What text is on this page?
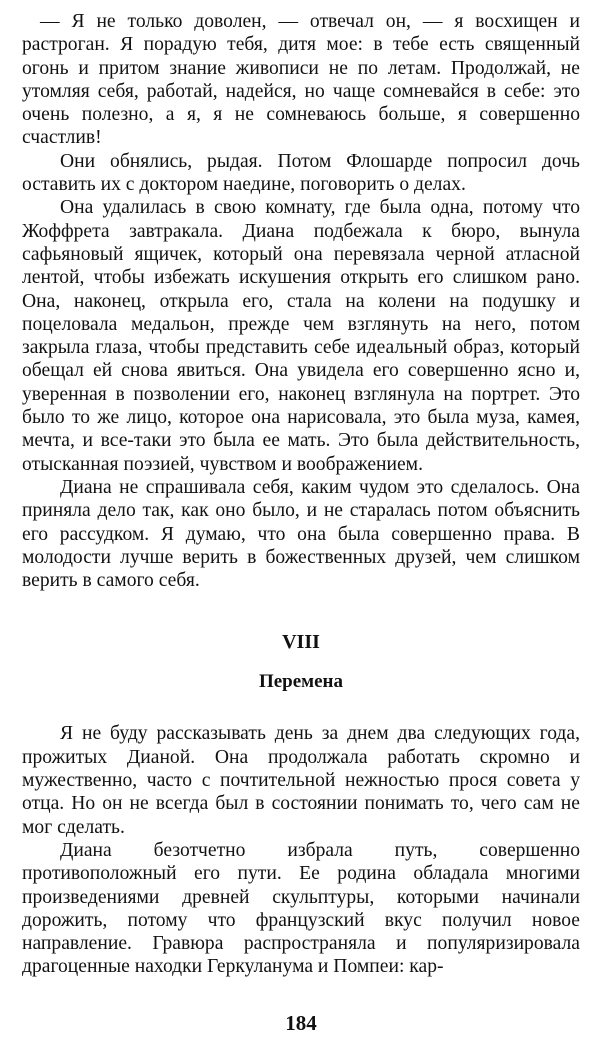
— Я не только доволен, — отвечал он, — я восхищен и растроган. Я порадую тебя, дитя мое: в тебе есть священный огонь и притом знание живописи не по летам. Продолжай, не утомляя себя, работай, надейся, но чаще сомневайся в себе: это очень полезно, а я, я не сомневаюсь больше, я совершенно счастлив!

Они обнялись, рыдая. Потом Флошарде попросил дочь оставить их с доктором наедине, поговорить о делах.

Она удалилась в свою комнату, где была одна, потому что Жоффрета завтракала. Диана подбежала к бюро, вынула сафьяновый ящичек, который она перевязала черной атласной лентой, чтобы избежать искушения открыть его слишком рано. Она, наконец, открыла его, стала на колени на подушку и поцеловала медальон, прежде чем взглянуть на него, потом закрыла глаза, чтобы представить себе идеальный образ, который обещал ей снова явиться. Она увидела его совершенно ясно и, уверенная в позволении его, наконец взглянула на портрет. Это было то же лицо, которое она нарисовала, это была муза, камея, мечта, и все-таки это была ее мать. Это была действительность, отысканная поэзией, чувством и воображением.

Диана не спрашивала себя, каким чудом это сделалось. Она приняла дело так, как оно было, и не старалась потом объяснить его рассудком. Я думаю, что она была совершенно права. В молодости лучше верить в божественных друзей, чем слишком верить в самого себя.

VIII
Перемена

Я не буду рассказывать день за днем два следующих года, прожитых Дианой. Она продолжала работать скромно и мужественно, часто с почтительной нежностью прося совета у отца. Но он не всегда был в состоянии понимать то, чего сам не мог сделать.

Диана безотчетно избрала путь, совершенно противоположный его пути. Ее родина обладала многими произведениями древней скульптуры, которыми начинали дорожить, потому что французский вкус получил новое направление. Гравюра распространяла и популяризировала драгоценные находки Геркуланума и Помпеи: кар-

184
